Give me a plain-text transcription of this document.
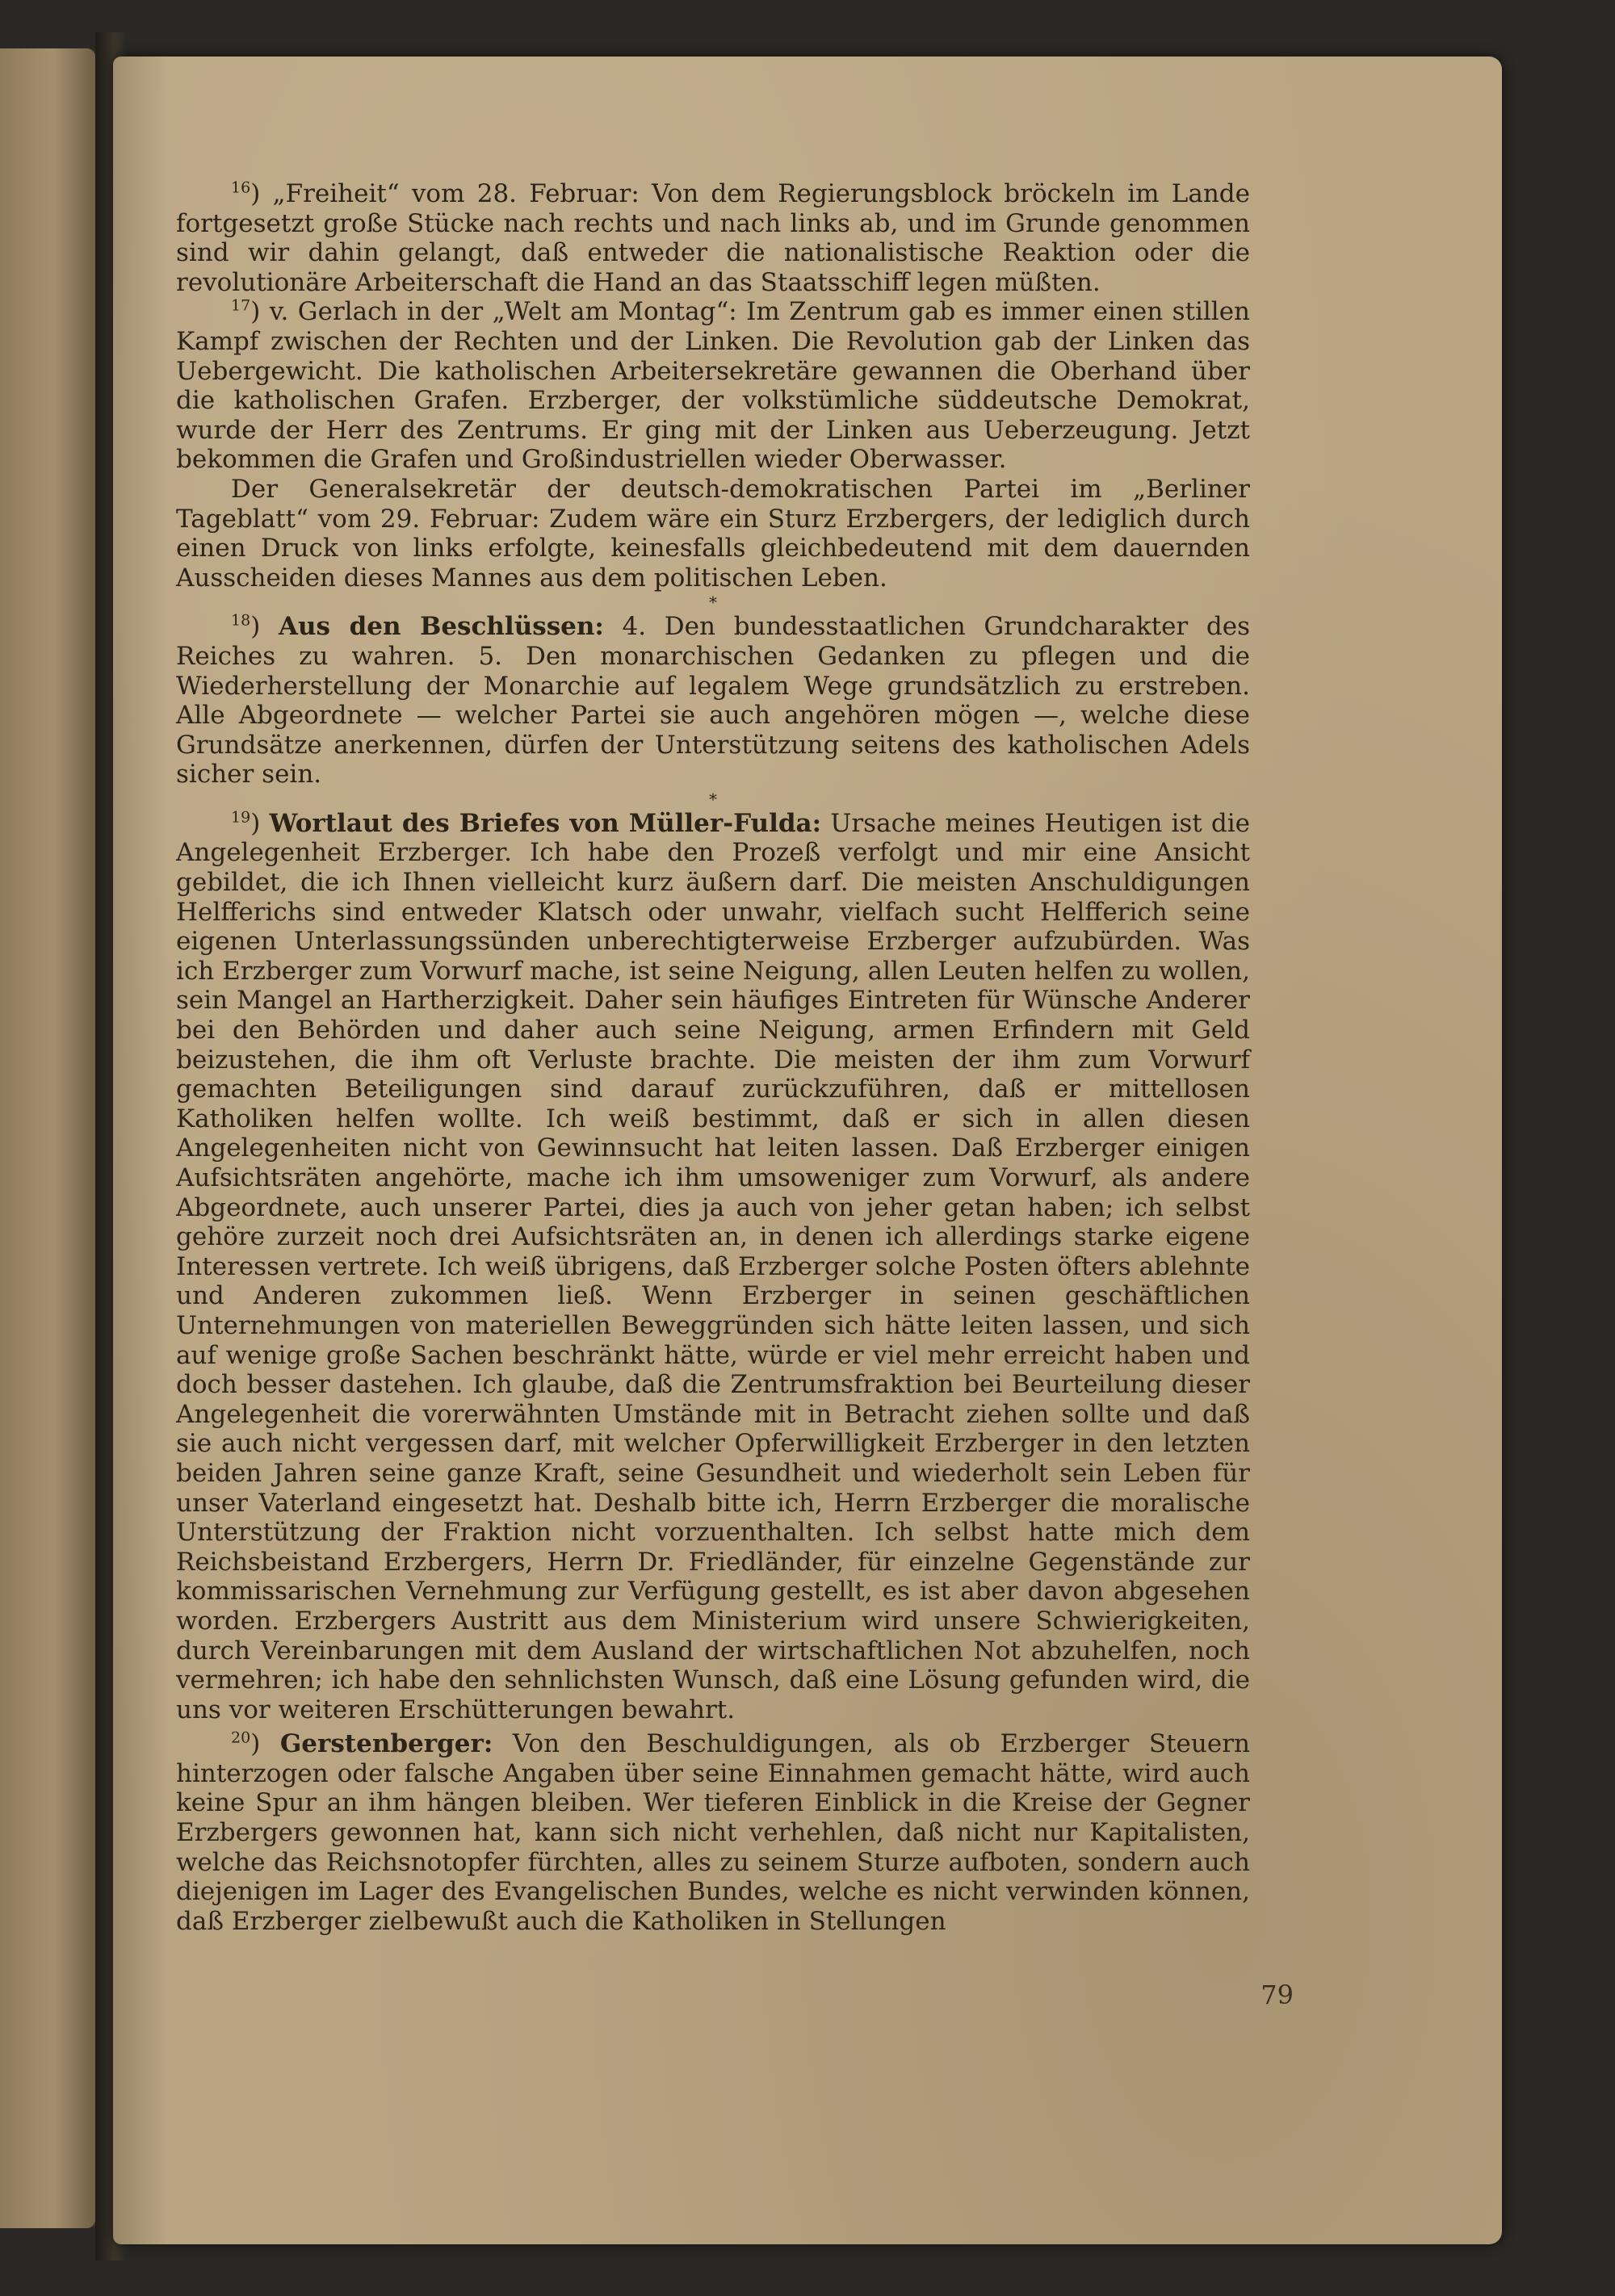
$^{16}$) „Freiheit“ vom 28. Februar: Von dem Regierungsblock bröckeln im Lande fortgesetzt große Stücke nach rechts und nach links ab, und im Grunde genommen sind wir dahin gelangt, daß entweder die nationalistische Reaktion oder die revolutionäre Arbeiterschaft die Hand an das Staatsschiff legen müßten.

$^{17}$) v. Gerlach in der „Welt am Montag“: Im Zentrum gab es immer einen stillen Kampf zwischen der Rechten und der Linken. Die Revolution gab der Linken das Uebergewicht. Die katholischen Arbeitersekretäre gewannen die Oberhand über die katholischen Grafen. Erzberger, der volkstümliche süddeutsche Demokrat, wurde der Herr des Zentrums. Er ging mit der Linken aus Ueberzeugung. Jetzt bekommen die Grafen und Großindustriellen wieder Oberwasser.

Der Generalsekretär der deutsch-demokratischen Partei im „Berliner Tageblatt“ vom 29. Februar: Zudem wäre ein Sturz Erzbergers, der lediglich durch einen Druck von links erfolgte, keinesfalls gleichbedeutend mit dem dauernden Ausscheiden dieses Mannes aus dem politischen Leben.

*

$^{18}$) Aus den Beschlüssen: 4. Den bundesstaatlichen Grundcharakter des Reiches zu wahren. 5. Den monarchischen Gedanken zu pflegen und die Wiederherstellung der Monarchie auf legalem Wege grundsätzlich zu erstreben. Alle Abgeordnete — welcher Partei sie auch angehören mögen —, welche diese Grundsätze anerkennen, dürfen der Unterstützung seitens des katholischen Adels sicher sein.

*

$^{19}$) Wortlaut des Briefes von Müller-Fulda: Ursache meines Heutigen ist die Angelegenheit Erzberger. Ich habe den Prozeß verfolgt und mir eine Ansicht gebildet, die ich Ihnen vielleicht kurz äußern darf. Die meisten Anschuldigungen Helfferichs sind entweder Klatsch oder unwahr, vielfach sucht Helfferich seine eigenen Unterlassungssünden unberechtigterweise Erzberger aufzubürden. Was ich Erzberger zum Vorwurf mache, ist seine Neigung, allen Leuten helfen zu wollen, sein Mangel an Hartherzigkeit. Daher sein häufiges Eintreten für Wünsche Anderer bei den Behörden und daher auch seine Neigung, armen Erfindern mit Geld beizustehen, die ihm oft Verluste brachte. Die meisten der ihm zum Vorwurf gemachten Beteiligungen sind darauf zurückzuführen, daß er mittellosen Katholiken helfen wollte. Ich weiß bestimmt, daß er sich in allen diesen Angelegenheiten nicht von Gewinnsucht hat leiten lassen. Daß Erzberger einigen Aufsichtsräten angehörte, mache ich ihm umsoweniger zum Vorwurf, als andere Abgeordnete, auch unserer Partei, dies ja auch von jeher getan haben; ich selbst gehöre zurzeit noch drei Aufsichtsräten an, in denen ich allerdings starke eigene Interessen vertrete. Ich weiß übrigens, daß Erzberger solche Posten öfters ablehnte und Anderen zukommen ließ. Wenn Erzberger in seinen geschäftlichen Unternehmungen von materiellen Beweggründen sich hätte leiten lassen, und sich auf wenige große Sachen beschränkt hätte, würde er viel mehr erreicht haben und doch besser dastehen. Ich glaube, daß die Zentrumsfraktion bei Beurteilung dieser Angelegenheit die vorerwähnten Umstände mit in Betracht ziehen sollte und daß sie auch nicht vergessen darf, mit welcher Opferwilligkeit Erzberger in den letzten beiden Jahren seine ganze Kraft, seine Gesundheit und wiederholt sein Leben für unser Vaterland eingesetzt hat. Deshalb bitte ich, Herrn Erzberger die moralische Unterstützung der Fraktion nicht vorzuenthalten. Ich selbst hatte mich dem Reichsbeistand Erzbergers, Herrn Dr. Friedländer, für einzelne Gegenstände zur kommissarischen Vernehmung zur Verfügung gestellt, es ist aber davon abgesehen worden. Erzbergers Austritt aus dem Ministerium wird unsere Schwierigkeiten, durch Vereinbarungen mit dem Ausland der wirtschaftlichen Not abzuhelfen, noch vermehren; ich habe den sehnlichsten Wunsch, daß eine Lösung gefunden wird, die uns vor weiteren Erschütterungen bewahrt.

$^{20}$) Gerstenberger: Von den Beschuldigungen, als ob Erzberger Steuern hinterzogen oder falsche Angaben über seine Einnahmen gemacht hätte, wird auch keine Spur an ihm hängen bleiben. Wer tieferen Einblick in die Kreise der Gegner Erzbergers gewonnen hat, kann sich nicht verhehlen, daß nicht nur Kapitalisten, welche das Reichsnotopfer fürchten, alles zu seinem Sturze aufboten, sondern auch diejenigen im Lager des Evangelischen Bundes, welche es nicht verwinden können, daß Erzberger zielbewußt auch die Katholiken in Stellungen

79
